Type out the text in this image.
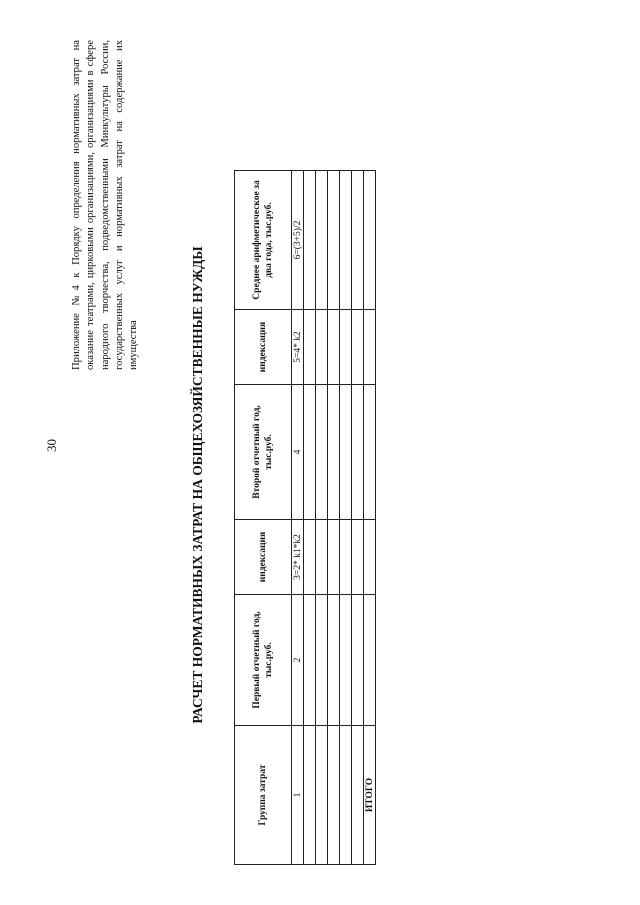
30
Приложение №4 к Порядку определения нормативных затрат на оказание театрами, цирковыми организациями, организациями в сфере народного творчества, подведомственными Минкультуры России, государственных услуг и нормативных затрат на содержание их имущества	РАСЧЕТ НОРМАТИВНЫХ ЗАТРАТ НА ОБЩЕХОЗЯЙСТВЕННЫЕ НУЖДЫ
Группа затрат	Первый отчетный год, тыс.руб.	индексация	Второй отчетный год, тыс.руб.	индексация	Среднее арифметическое за два года, тыс.руб.
1	2	3=2* k1*k2	4	5=4* k2	6=(3+5)/2

ИТОГО					
